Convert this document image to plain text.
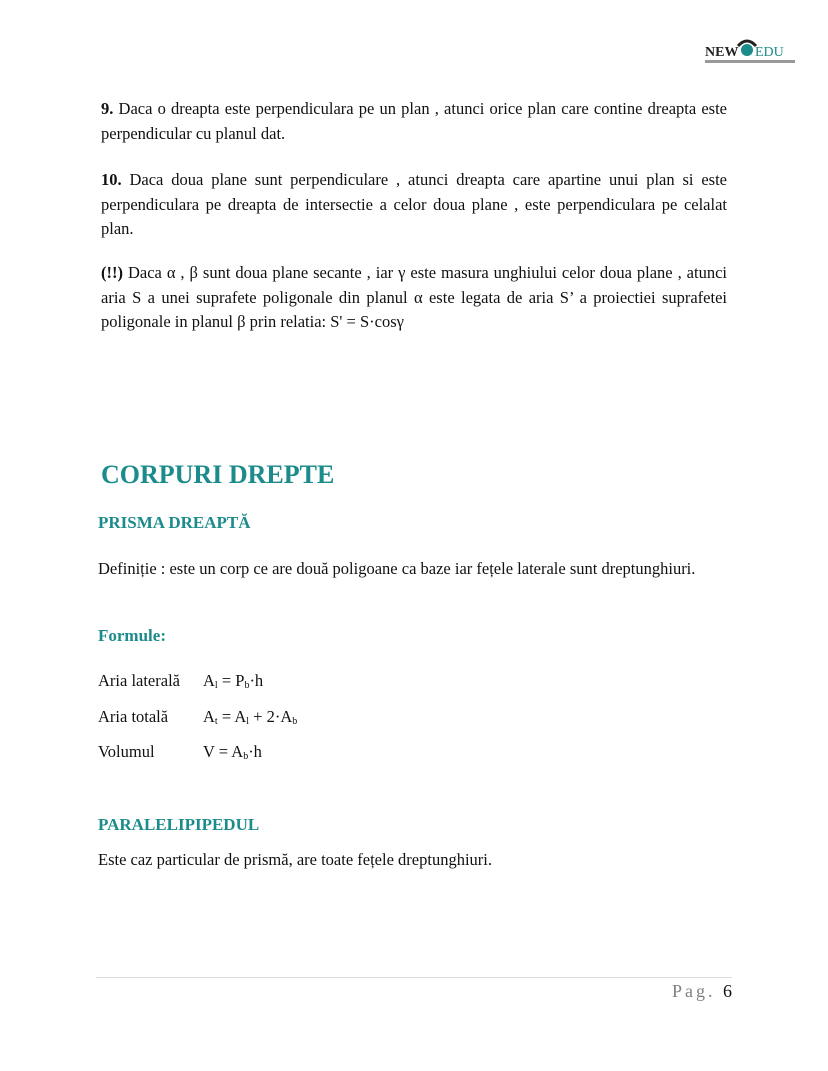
NEW EDU
9. Daca o dreapta este perpendiculara pe un plan , atunci orice plan care contine dreapta este perpendicular cu planul dat.
10. Daca doua plane sunt perpendiculare , atunci dreapta care apartine unui plan si este perpendiculara pe dreapta de intersectie a celor doua plane , este perpendiculara pe celalat plan.
(!!) Daca α , β sunt doua plane secante , iar γ este masura unghiului celor doua plane , atunci aria S a unei suprafete poligonale din planul α este legata de aria S’ a proiectiei suprafetei poligonale in planul β prin relatia: S' = S·cosγ
CORPURI DREPTE
PRISMA DREAPTĂ
Definiție : este un corp ce are două poligoane ca baze iar fețele laterale sunt dreptunghiuri.
Formule:
Aria laterală $A_l = P_b\cdot h$
Aria totală $A_t = A_l + 2\cdot A_b$
Volumul	$V = A_b\cdot h$
PARALELIPIPEDUL
Este caz particular de prismă, are toate fețele dreptunghiuri.
Pag. 6
